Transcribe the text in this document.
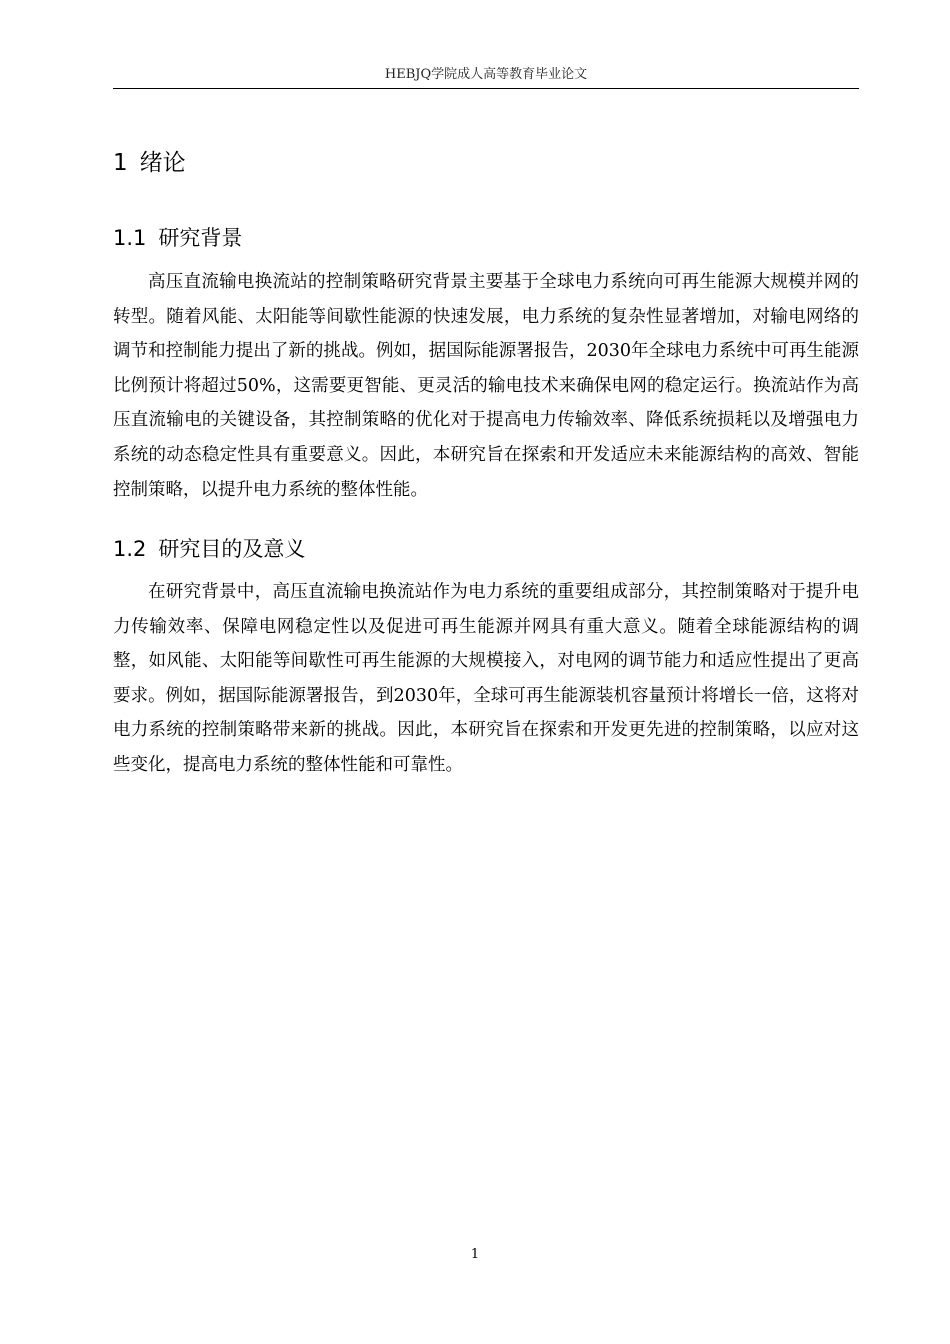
HEBJQ学院成人高等教育毕业论文
1 绪论
1.1 研究背景

高压直流输电换流站的控制策略研究背景主要基于全球电力系统向可再生能源大规模并网的转型。随着风能、太阳能等间歇性能源的快速发展，电力系统的复杂性显著增加，对输电网络的调节和控制能力提出了新的挑战。例如，据国际能源署报告，2030年全球电力系统中可再生能源比例预计将超过50%，这需要更智能、更灵活的输电技术来确保电网的稳定运行。换流站作为高压直流输电的关键设备，其控制策略的优化对于提高电力传输效率、降低系统损耗以及增强电力系统的动态稳定性具有重要意义。因此，本研究旨在探索和开发适应未来能源结构的高效、智能控制策略，以提升电力系统的整体性能。

1.2 研究目的及意义

在研究背景中，高压直流输电换流站作为电力系统的重要组成部分，其控制策略对于提升电力传输效率、保障电网稳定性以及促进可再生能源并网具有重大意义。随着全球能源结构的调整，如风能、太阳能等间歇性可再生能源的大规模接入，对电网的调节能力和适应性提出了更高要求。例如，据国际能源署报告，到2030年，全球可再生能源装机容量预计将增长一倍，这将对电力系统的控制策略带来新的挑战。因此，本研究旨在探索和开发更先进的控制策略，以应对这些变化，提高电力系统的整体性能和可靠性。

1
